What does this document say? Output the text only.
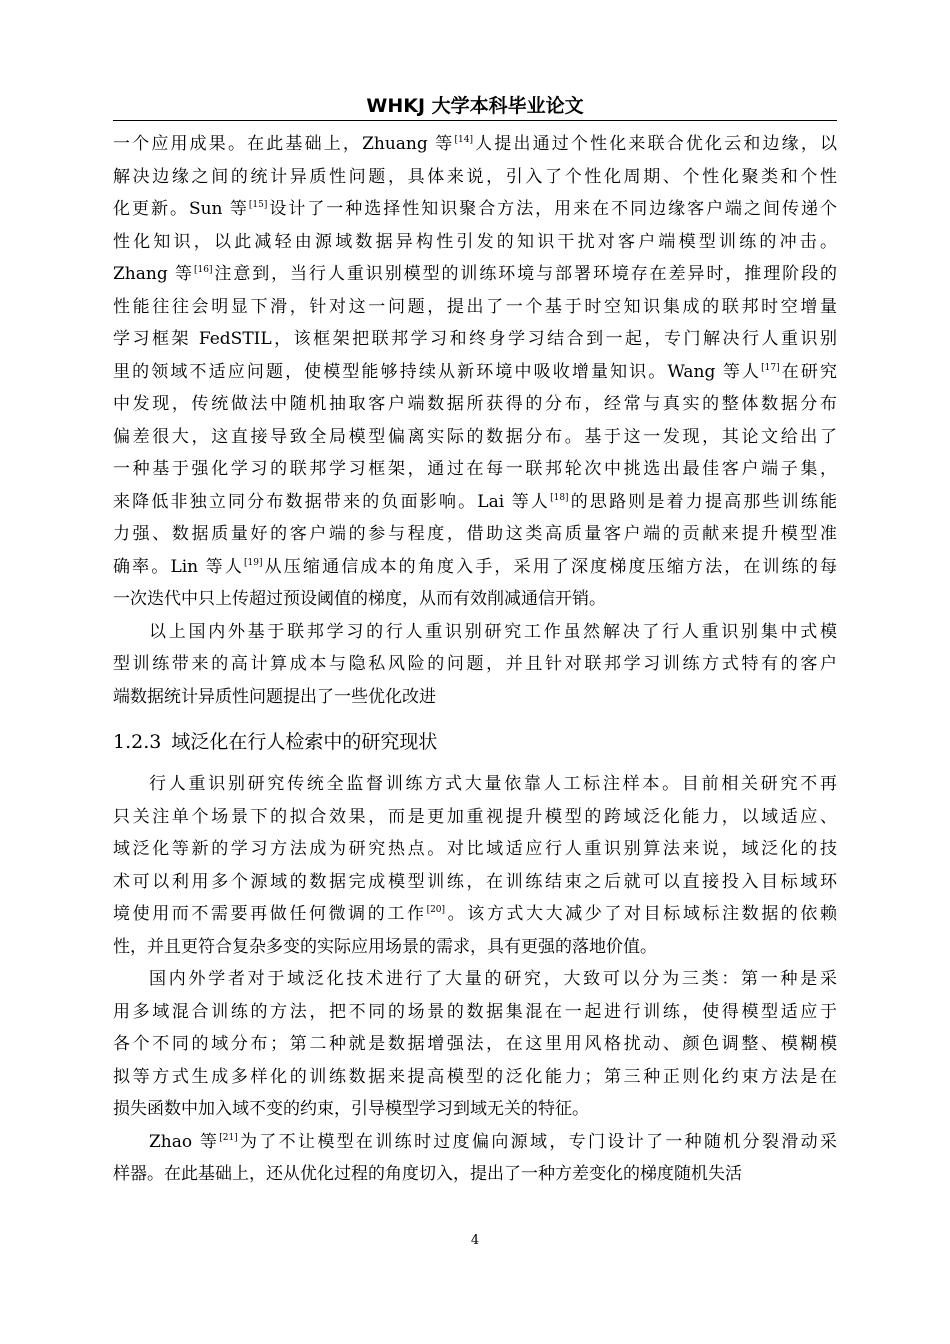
WHKJ 大学本科毕业论文
一个应用成果。在此基础上，Zhuang 等[14]人提出通过个性化来联合优化云和边缘，以
解决边缘之间的统计异质性问题，具体来说，引入了个性化周期、个性化聚类和个性
化更新。Sun 等[15]设计了一种选择性知识聚合方法，用来在不同边缘客户端之间传递个
性化知识，以此减轻由源域数据异构性引发的知识干扰对客户端模型训练的冲击。
Zhang 等[16]注意到，当行人重识别模型的训练环境与部署环境存在差异时，推理阶段的
性能往往会明显下滑，针对这一问题，提出了一个基于时空知识集成的联邦时空增量
学习框架 FedSTIL，该框架把联邦学习和终身学习结合到一起，专门解决行人重识别
里的领域不适应问题，使模型能够持续从新环境中吸收增量知识。Wang 等人[17]在研究
中发现，传统做法中随机抽取客户端数据所获得的分布，经常与真实的整体数据分布
偏差很大，这直接导致全局模型偏离实际的数据分布。基于这一发现，其论文给出了
一种基于强化学习的联邦学习框架，通过在每一联邦轮次中挑选出最佳客户端子集，
来降低非独立同分布数据带来的负面影响。Lai 等人[18]的思路则是着力提高那些训练能
力强、数据质量好的客户端的参与程度，借助这类高质量客户端的贡献来提升模型准
确率。Lin 等人[19]从压缩通信成本的角度入手，采用了深度梯度压缩方法，在训练的每
一次迭代中只上传超过预设阈值的梯度，从而有效削减通信开销。
以上国内外基于联邦学习的行人重识别研究工作虽然解决了行人重识别集中式模
型训练带来的高计算成本与隐私风险的问题，并且针对联邦学习训练方式特有的客户
端数据统计异质性问题提出了一些优化改进
1.2.3 域泛化在行人检索中的研究现状
行人重识别研究传统全监督训练方式大量依靠人工标注样本。目前相关研究不再
只关注单个场景下的拟合效果，而是更加重视提升模型的跨域泛化能力，以域适应、
域泛化等新的学习方法成为研究热点。对比域适应行人重识别算法来说，域泛化的技
术可以利用多个源域的数据完成模型训练，在训练结束之后就可以直接投入目标域环
境使用而不需要再做任何微调的工作[20]。该方式大大减少了对目标域标注数据的依赖
性，并且更符合复杂多变的实际应用场景的需求，具有更强的落地价值。
国内外学者对于域泛化技术进行了大量的研究，大致可以分为三类：第一种是采
用多域混合训练的方法，把不同的场景的数据集混在一起进行训练，使得模型适应于
各个不同的域分布；第二种就是数据增强法，在这里用风格扰动、颜色调整、模糊模
拟等方式生成多样化的训练数据来提高模型的泛化能力；第三种正则化约束方法是在
损失函数中加入域不变的约束，引导模型学习到域无关的特征。
Zhao 等[21]为了不让模型在训练时过度偏向源域，专门设计了一种随机分裂滑动采
样器。在此基础上，还从优化过程的角度切入，提出了一种方差变化的梯度随机失活
4
